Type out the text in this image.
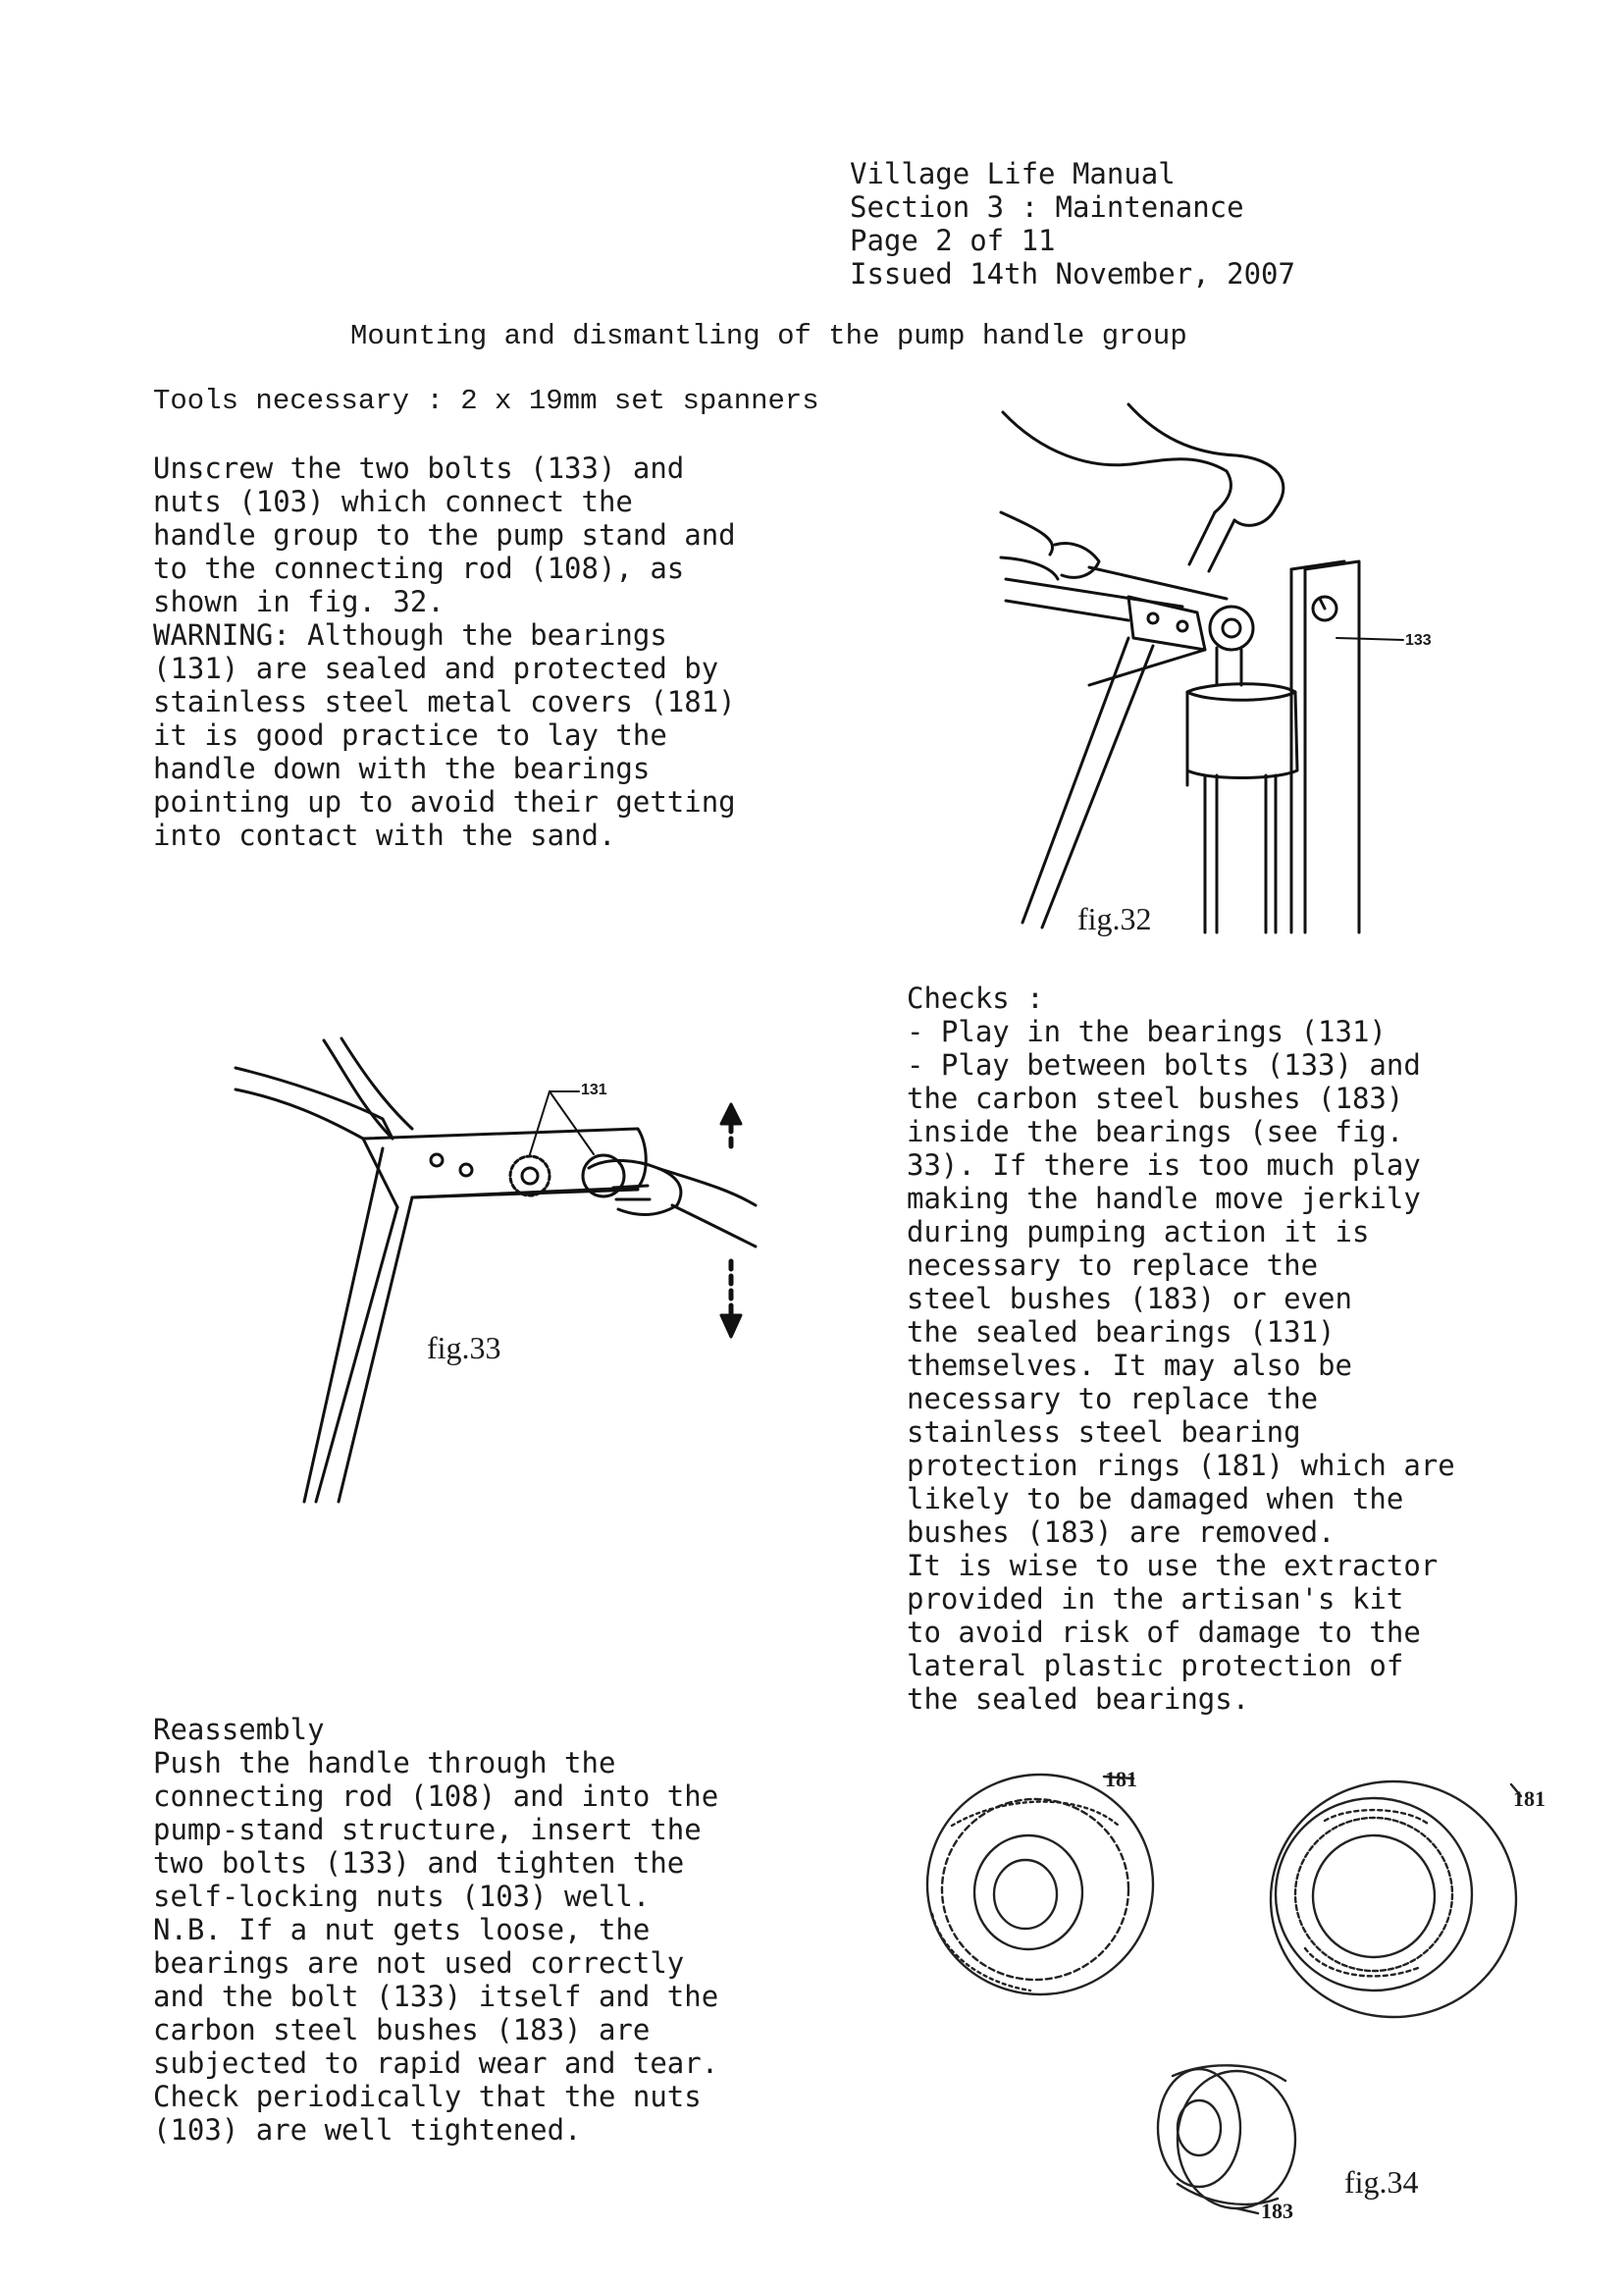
Village Life Manual
Section 3 : Maintenance
Page 2 of 11
Issued 14th November, 2007
Mounting and dismantling of the pump handle group
Tools necessary : 2 x 19mm set spanners
Unscrew the two bolts (133) and
nuts (103) which connect the
handle group to the pump stand and
to the connecting rod (108), as
shown in fig. 32.
WARNING: Although the bearings
(131) are sealed and protected by
stainless steel metal covers (181)
it is good practice to lay the
handle down with the bearings
pointing up to avoid their getting
into contact with the sand.
Checks :
- Play in the bearings (131)
- Play between bolts (133) and
the carbon steel bushes (183)
inside the bearings (see fig.
33). If there is too much play
making the handle move jerkily
during pumping action it is
necessary to replace the
steel bushes (183) or even
the sealed bearings (131)
themselves. It may also be
necessary to replace the
stainless steel bearing
protection rings (181) which are
likely to be damaged when the
bushes (183) are removed.
It is wise to use the extractor
provided in the artisan's kit
to avoid risk of damage to the
lateral plastic protection of
the sealed bearings.
Reassembly
Push the handle through the
connecting rod (108) and into the
pump-stand structure, insert the
two bolts (133) and tighten the
self-locking nuts (103) well.
N.B. If a nut gets loose, the
bearings are not used correctly
and the bolt (133) itself and the
carbon steel bushes (183) are
subjected to rapid wear and tear.
Check periodically that the nuts
(103) are well tightened.
133
fig.32
131
fig.33
181
181
183
fig.34
